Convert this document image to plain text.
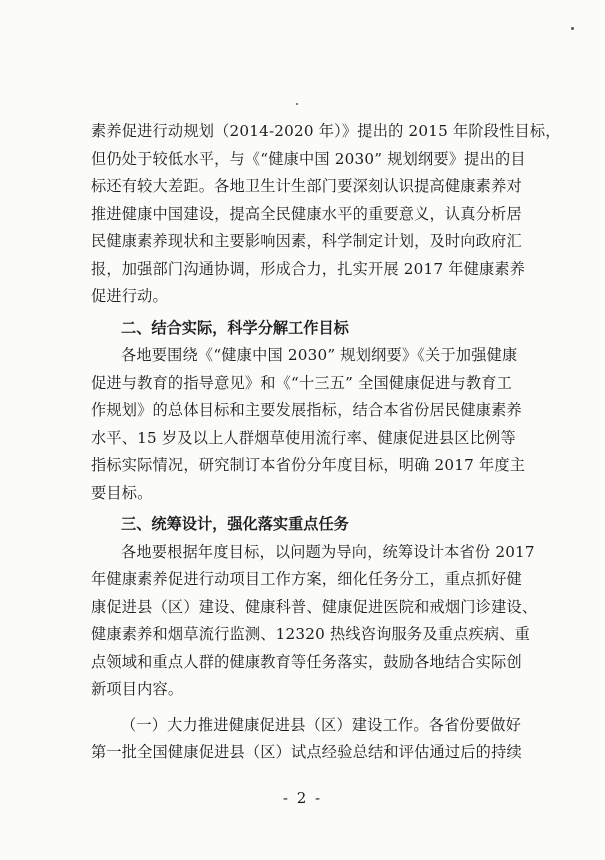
素养促进行动规划（2014-2020 年）》提出的 2015 年阶段性目标，
但仍处于较低水平，与《“健康中国 2030” 规划纲要》提出的目
标还有较大差距。各地卫生计生部门要深刻认识提高健康素养对
推进健康中国建设，提高全民健康水平的重要意义，认真分析居
民健康素养现状和主要影响因素，科学制定计划，及时向政府汇
报，加强部门沟通协调，形成合力，扎实开展 2017 年健康素养
促进行动。

二、结合实际，科学分解工作目标

各地要围绕《“健康中国 2030” 规划纲要》《关于加强健康
促进与教育的指导意见》和《“十三五” 全国健康促进与教育工
作规划》的总体目标和主要发展指标，结合本省份居民健康素养
水平、15 岁及以上人群烟草使用流行率、健康促进县区比例等
指标实际情况，研究制订本省份分年度目标，明确 2017 年度主
要目标。

三、统筹设计，强化落实重点任务

各地要根据年度目标，以问题为导向，统筹设计本省份 2017
年健康素养促进行动项目工作方案，细化任务分工，重点抓好健
康促进县（区）建设、健康科普、健康促进医院和戒烟门诊建设、
健康素养和烟草流行监测、12320 热线咨询服务及重点疾病、重
点领域和重点人群的健康教育等任务落实，鼓励各地结合实际创
新项目内容。

（一）大力推进健康促进县（区）建设工作。各省份要做好
第一批全国健康促进县（区）试点经验总结和评估通过后的持续

- 2 -
